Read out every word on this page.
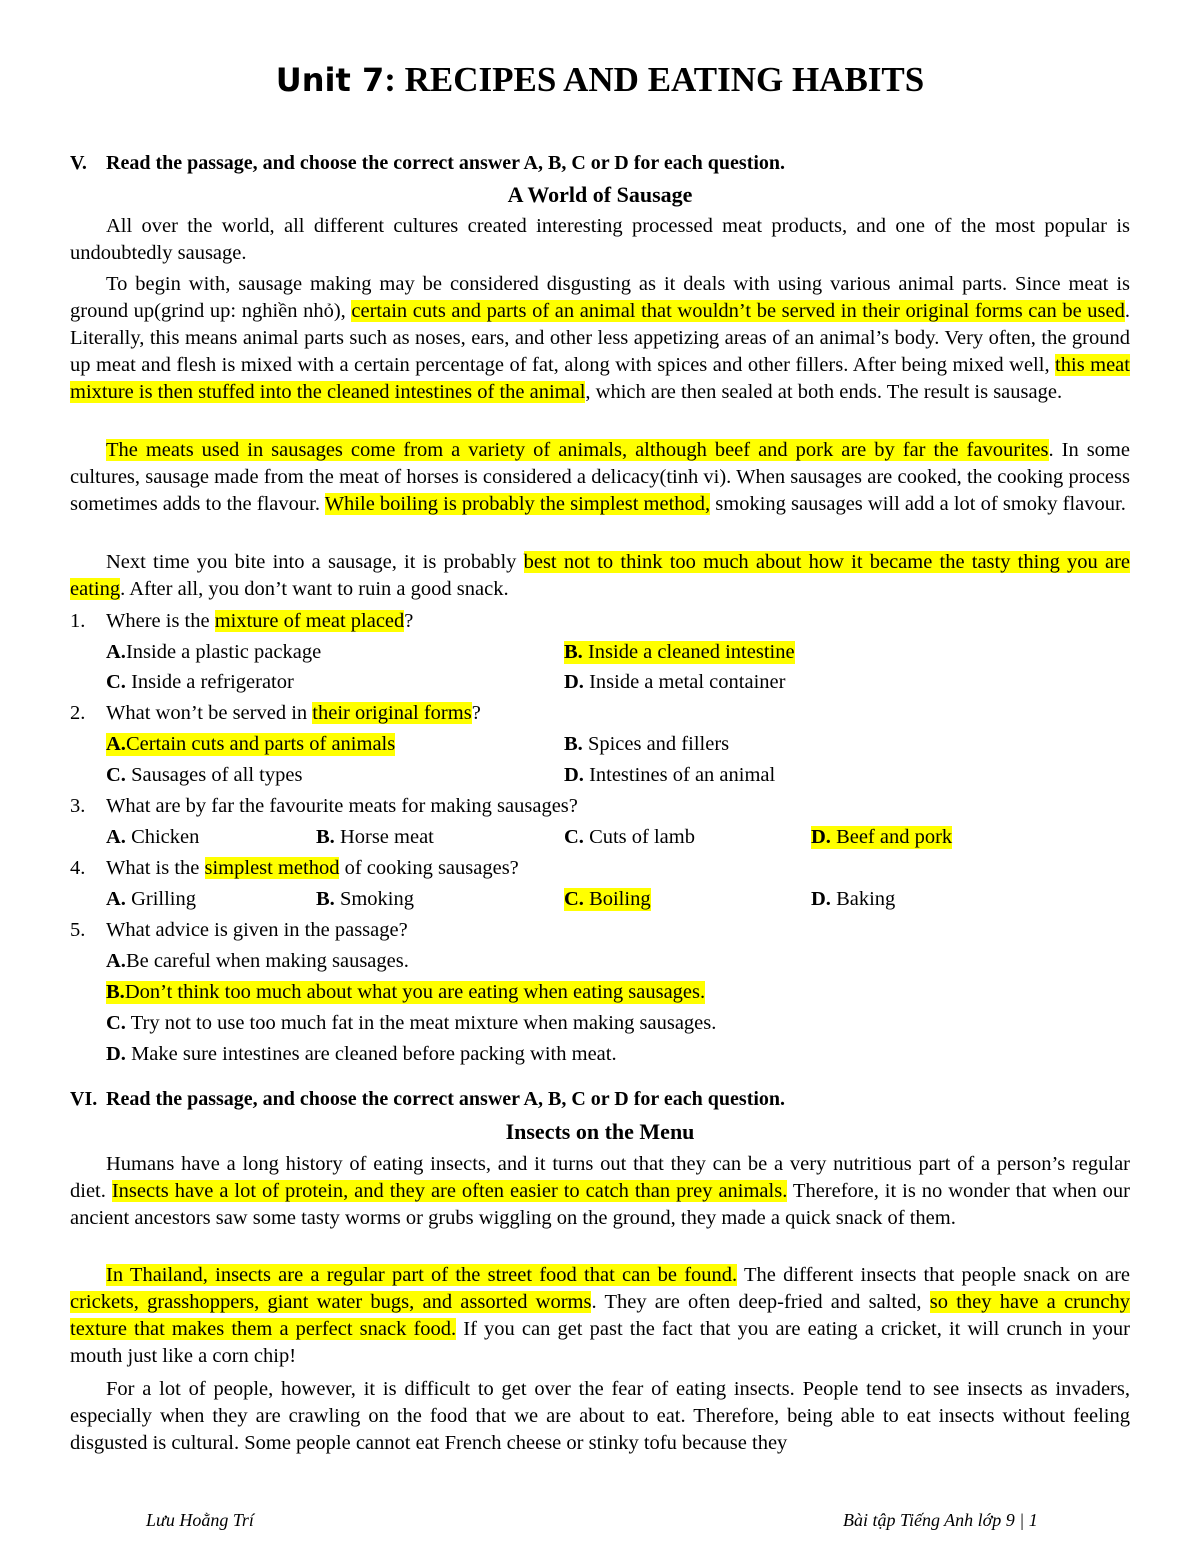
Unit 7: RECIPES AND EATING HABITS
V. Read the passage, and choose the correct answer A, B, C or D for each question.
A World of Sausage
All over the world, all different cultures created interesting processed meat products, and one of the most popular is undoubtedly sausage.
To begin with, sausage making may be considered disgusting as it deals with using various animal parts. Since meat is ground up(grind up: nghiền nhỏ), certain cuts and parts of an animal that wouldn’t be served in their original forms can be used. Literally, this means animal parts such as noses, ears, and other less appetizing areas of an animal’s body. Very often, the ground up meat and flesh is mixed with a certain percentage of fat, along with spices and other fillers. After being mixed well, this meat mixture is then stuffed into the cleaned intestines of the animal, which are then sealed at both ends. The result is sausage.
The meats used in sausages come from a variety of animals, although beef and pork are by far the favourites. In some cultures, sausage made from the meat of horses is considered a delicacy(tinh vi). When sausages are cooked, the cooking process sometimes adds to the flavour. While boiling is probably the simplest method, smoking sausages will add a lot of smoky flavour.
Next time you bite into a sausage, it is probably best not to think too much about how it became the tasty thing you are eating. After all, you don’t want to ruin a good snack.
1. Where is the mixture of meat placed?
A.Inside a plastic package	B. Inside a cleaned intestine
C. Inside a refrigerator	D. Inside a metal container
2. What won’t be served in their original forms?
A.Certain cuts and parts of animals	B. Spices and fillers
C. Sausages of all types	D. Intestines of an animal
3. What are by far the favourite meats for making sausages?
A. Chicken	B. Horse meat	C. Cuts of lamb	D. Beef and pork
4. What is the simplest method of cooking sausages?
A. Grilling	B. Smoking	C. Boiling	D. Baking
5. What advice is given in the passage?
A.Be careful when making sausages.
B.Don’t think too much about what you are eating when eating sausages.
C. Try not to use too much fat in the meat mixture when making sausages.
D. Make sure intestines are cleaned before packing with meat.
VI. Read the passage, and choose the correct answer A, B, C or D for each question.
Insects on the Menu
Humans have a long history of eating insects, and it turns out that they can be a very nutritious part of a person’s regular diet. Insects have a lot of protein, and they are often easier to catch than prey animals. Therefore, it is no wonder that when our ancient ancestors saw some tasty worms or grubs wiggling on the ground, they made a quick snack of them.
In Thailand, insects are a regular part of the street food that can be found. The different insects that people snack on are crickets, grasshoppers, giant water bugs, and assorted worms. They are often deep-fried and salted, so they have a crunchy texture that makes them a perfect snack food. If you can get past the fact that you are eating a cricket, it will crunch in your mouth just like a corn chip!
For a lot of people, however, it is difficult to get over the fear of eating insects. People tend to see insects as invaders, especially when they are crawling on the food that we are about to eat. Therefore, being able to eat insects without feeling disgusted is cultural. Some people cannot eat French cheese or stinky tofu because they
Lưu Hoằng Trí	Bài tập Tiếng Anh lớp 9 | 1
